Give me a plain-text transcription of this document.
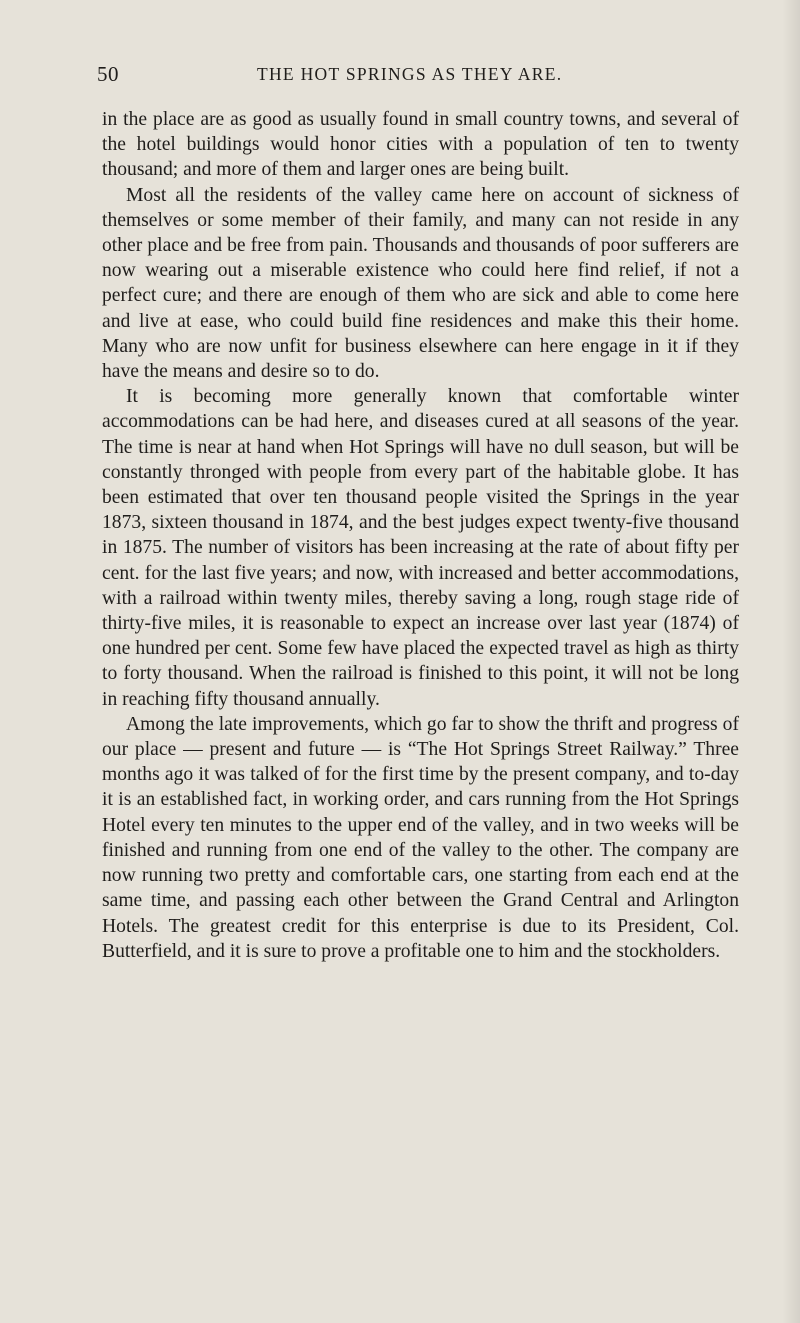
50	THE HOT SPRINGS AS THEY ARE.

in the place are as good as usually found in small country towns, and several of the hotel buildings would honor cities with a population of ten to twenty thousand; and more of them and larger ones are being built.

Most all the residents of the valley came here on account of sickness of themselves or some member of their family, and many can not reside in any other place and be free from pain. Thousands and thousands of poor sufferers are now wearing out a miserable existence who could here find relief, if not a perfect cure; and there are enough of them who are sick and able to come here and live at ease, who could build fine residences and make this their home. Many who are now unfit for business elsewhere can here engage in it if they have the means and desire so to do.

It is becoming more generally known that comfortable winter accommodations can be had here, and diseases cured at all seasons of the year. The time is near at hand when Hot Springs will have no dull season, but will be constantly thronged with people from every part of the habitable globe. It has been estimated that over ten thousand people visited the Springs in the year 1873, sixteen thousand in 1874, and the best judges expect twenty-five thousand in 1875. The number of visitors has been increasing at the rate of about fifty per cent. for the last five years; and now, with increased and better accommodations, with a railroad within twenty miles, thereby saving a long, rough stage ride of thirty-five miles, it is reasonable to expect an increase over last year (1874) of one hundred per cent. Some few have placed the expected travel as high as thirty to forty thousand. When the railroad is finished to this point, it will not be long in reaching fifty thousand annually.

Among the late improvements, which go far to show the thrift and progress of our place — present and future — is “The Hot Springs Street Railway.” Three months ago it was talked of for the first time by the present company, and to-day it is an established fact, in working order, and cars running from the Hot Springs Hotel every ten minutes to the upper end of the valley, and in two weeks will be finished and running from one end of the valley to the other. The company are now running two pretty and comfortable cars, one starting from each end at the same time, and passing each other between the Grand Central and Arlington Hotels. The greatest credit for this enterprise is due to its President, Col. Butterfield, and it is sure to prove a profitable one to him and the stockholders.
